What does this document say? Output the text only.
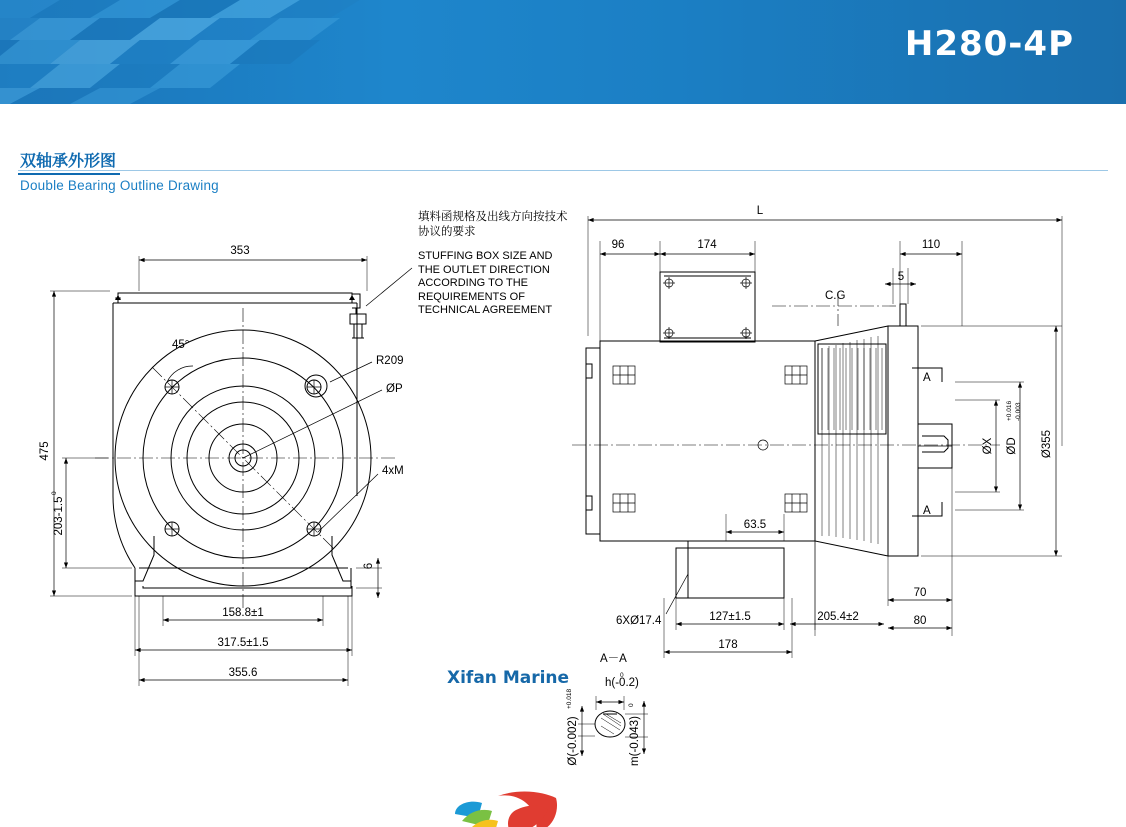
H280-4P
双轴承外形图
Double Bearing Outline Drawing
填料函规格及出线方向按技术协议的要求
STUFFING BOX SIZE AND THE OUTLET DIRECTION ACCORDING TO THE REQUIREMENTS OF TECHNICAL AGREEMENT
353
45°
475
203-1.5
0
R209
ØP
4xM
6
158.8±1
317.5±1.5
355.6
L
96	174	110
5
C.G
A
A
ØX ØD
+0.016 -0.003
Ø355
70
80
63.5
6XØ17.4	127±1.5	205.4±2
178
A－A
h(-0.2)
0
Ø(-0.002)
+0.018
m(-0.043)
0
Xifan Marine
